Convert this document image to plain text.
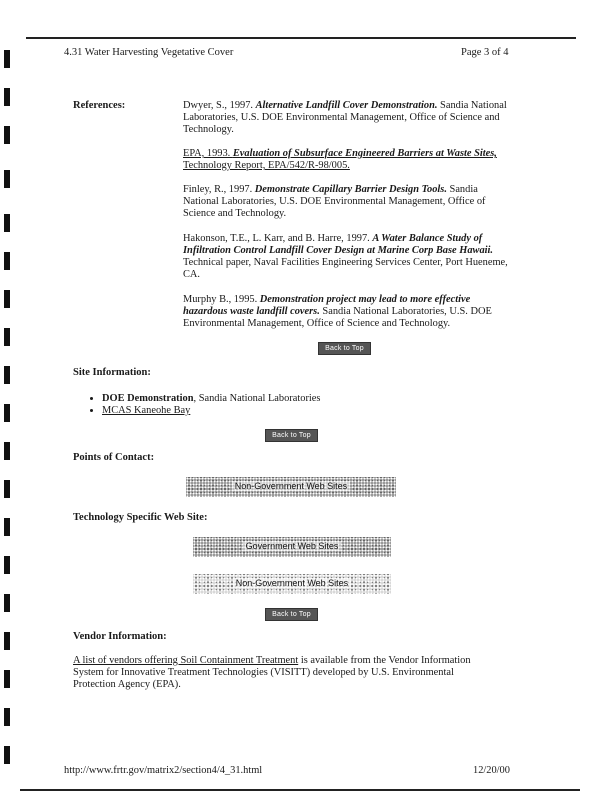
4.31 Water Harvesting Vegetative Cover	Page 3 of 4
References:	Dwyer, S., 1997. Alternative Landfill Cover Demonstration. Sandia National Laboratories, U.S. DOE Environmental Management, Office of Science and Technology.
EPA, 1993. Evaluation of Subsurface Engineered Barriers at Waste Sites, Technology Report, EPA/542/R-98/005.
Finley, R., 1997. Demonstrate Capillary Barrier Design Tools. Sandia National Laboratories, U.S. DOE Environmental Management, Office of Science and Technology.
Hakonson, T.E., L. Karr, and B. Harre, 1997. A Water Balance Study of Infiltration Control Landfill Cover Design at Marine Corp Base Hawaii. Technical paper, Naval Facilities Engineering Services Center, Port Hueneme, CA.
Murphy B., 1995. Demonstration project may lead to more effective hazardous waste landfill covers. Sandia National Laboratories, U.S. DOE Environmental Management, Office of Science and Technology.
Back to Top
Site Information:
• DOE Demonstration, Sandia National Laboratories
• MCAS Kaneohe Bay
Back to Top
Points of Contact:
Non-Government Web Sites
Technology Specific Web Site:
Government Web Sites
Non-Government Web Sites
Back to Top
Vendor Information:
A list of vendors offering Soil Containment Treatment is available from the Vendor Information System for Innovative Treatment Technologies (VISITT) developed by U.S. Environmental Protection Agency (EPA).
http://www.frtr.gov/matrix2/section4/4_31.html	12/20/00
